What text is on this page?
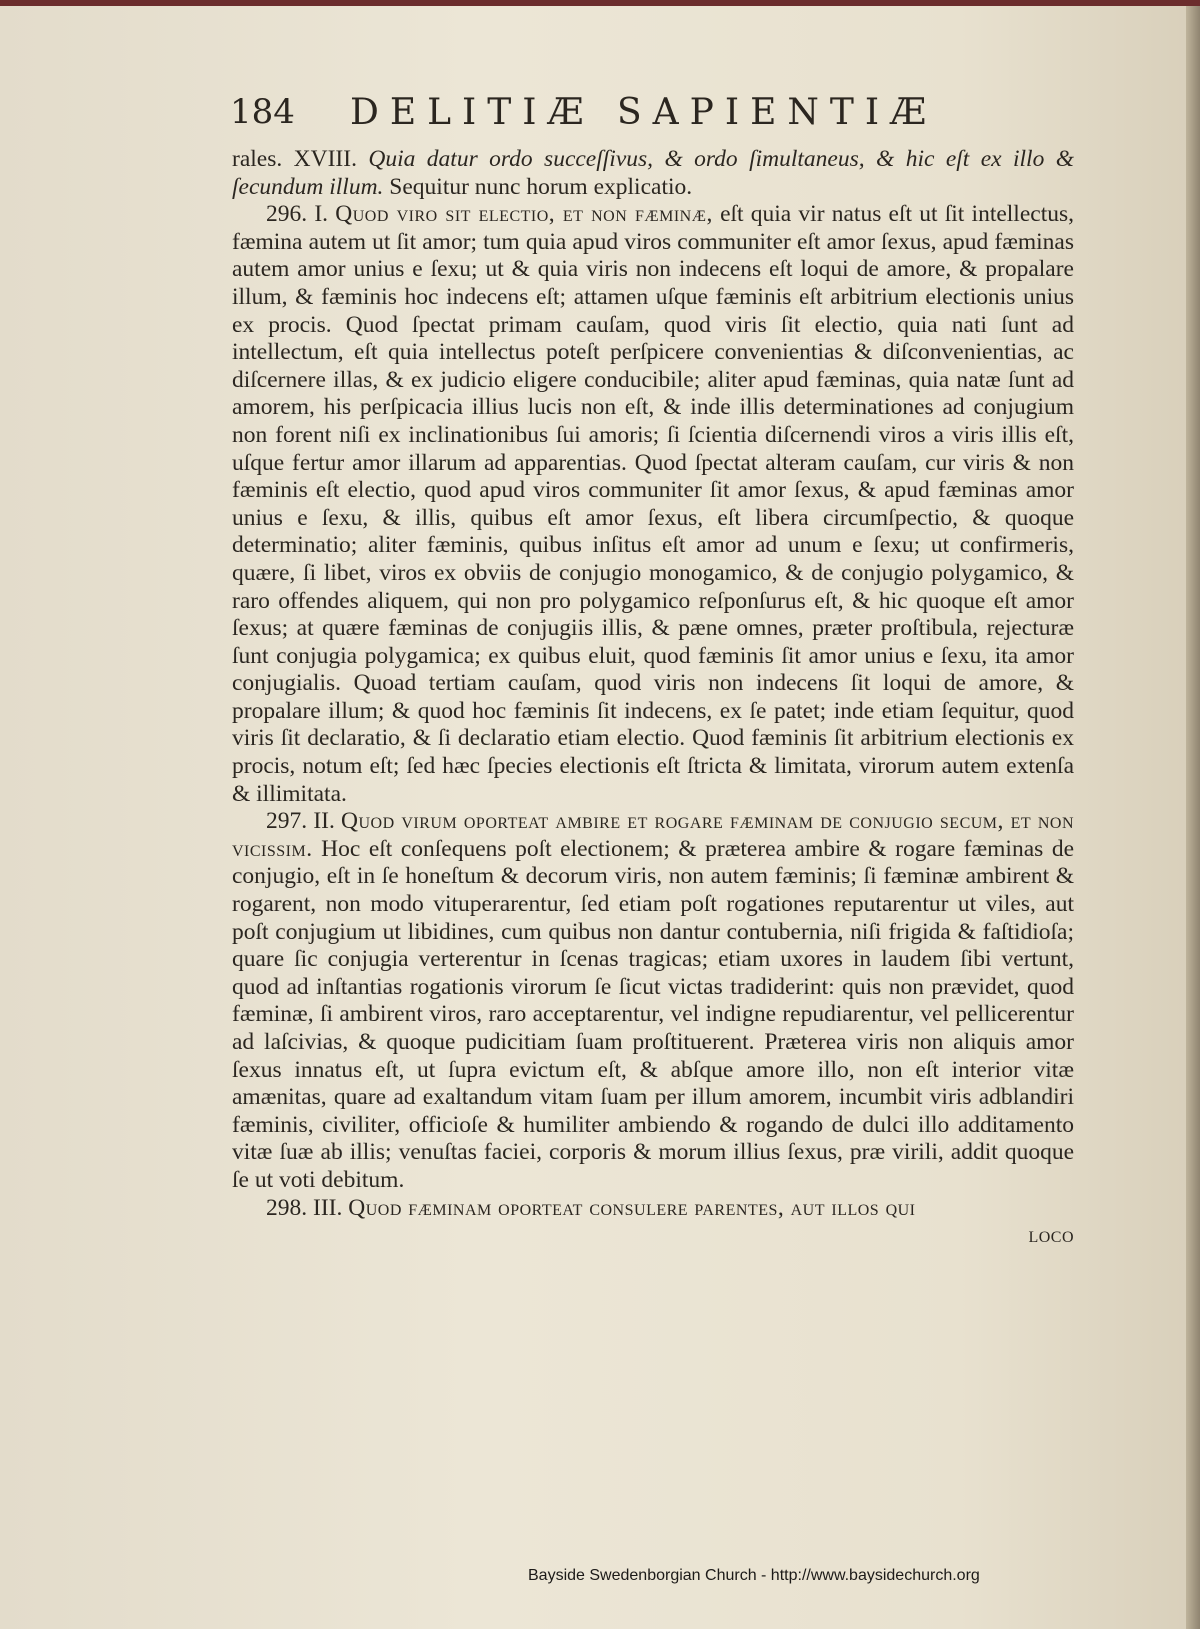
184 DELITIÆ SAPIENTIÆ

rales. XVIII. Quia datur ordo succeſſivus, & ordo ſimultaneus, & hic eſt ex illo & ſecundum illum. Sequitur nunc horum explicatio.

296. I. Quod viro sit electio, et non fæminæ, eſt quia vir natus eſt ut ſit intellectus, fæmina autem ut ſit amor; tum quia apud viros communiter eſt amor ſexus, apud fæminas autem amor unius e ſexu; ut & quia viris non indecens eſt loqui de amore, & propalare illum, & fæminis hoc indecens eſt; attamen uſque fæminis eſt arbitrium electionis unius ex procis. Quod ſpectat primam cauſam, quod viris ſit electio, quia nati ſunt ad intellectum, eſt quia intellectus poteſt perſpicere convenientias & diſconvenientias, ac diſcernere illas, & ex judicio eligere conducibile; aliter apud fæminas, quia natæ ſunt ad amorem, his perſpicacia illius lucis non eſt, & inde illis determinationes ad conjugium non forent niſi ex inclinationibus ſui amoris; ſi ſcientia diſcernendi viros a viris illis eſt, uſque fertur amor illarum ad apparentias. Quod ſpectat alteram cauſam, cur viris & non fæminis eſt electio, quod apud viros communiter ſit amor ſexus, & apud fæminas amor unius e ſexu, & illis, quibus eſt amor ſexus, eſt libera circumſpectio, & quoque determinatio; aliter fæminis, quibus inſitus eſt amor ad unum e ſexu; ut confirmeris, quære, ſi libet, viros ex obviis de conjugio monogamico, & de conjugio polygamico, & raro offendes aliquem, qui non pro polygamico reſponſurus eſt, & hic quoque eſt amor ſexus; at quære fæminas de conjugiis illis, & pæne omnes, præter proſtibula, rejecturæ ſunt conjugia polygamica; ex quibus eluit, quod fæminis ſit amor unius e ſexu, ita amor conjugialis. Quoad tertiam cauſam, quod viris non indecens ſit loqui de amore, & propalare illum; & quod hoc fæminis ſit indecens, ex ſe patet; inde etiam ſequitur, quod viris ſit declaratio, & ſi declaratio etiam electio. Quod fæminis ſit arbitrium electionis ex procis, notum eſt; ſed hæc ſpecies electionis eſt ſtricta & limitata, virorum autem extenſa & illimitata.

297. II. Quod virum oporteat ambire et rogare fæminam de conjugio secum, et non vicissim. Hoc eſt conſequens poſt electionem; & præterea ambire & rogare fæminas de conjugio, eſt in ſe honeſtum & decorum viris, non autem fæminis; ſi fæminæ ambirent & rogarent, non modo vituperarentur, ſed etiam poſt rogationes reputarentur ut viles, aut poſt conjugium ut libidines, cum quibus non dantur contubernia, niſi frigida & faſtidioſa; quare ſic conjugia verterentur in ſcenas tragicas; etiam uxores in laudem ſibi vertunt, quod ad inſtantias rogationis virorum ſe ſicut victas tradiderint: quis non prævidet, quod fæminæ, ſi ambirent viros, raro acceptarentur, vel indigne repudiarentur, vel pellicerentur ad laſcivias, & quoque pudicitiam ſuam proſtituerent. Præterea viris non aliquis amor ſexus innatus eſt, ut ſupra evictum eſt, & abſque amore illo, non eſt interior vitæ amænitas, quare ad exaltandum vitam ſuam per illum amorem, incumbit viris adblandiri fæminis, civiliter, officioſe & humiliter ambiendo & rogando de dulci illo additamento vitæ ſuæ ab illis; venuſtas faciei, corporis & morum illius ſexus, præ virili, addit quoque ſe ut voti debitum.

298. III. Quod fæminam oporteat consulere parentes, aut illos qui

loco

Bayside Swedenborgian Church - http://www.baysidechurch.org
